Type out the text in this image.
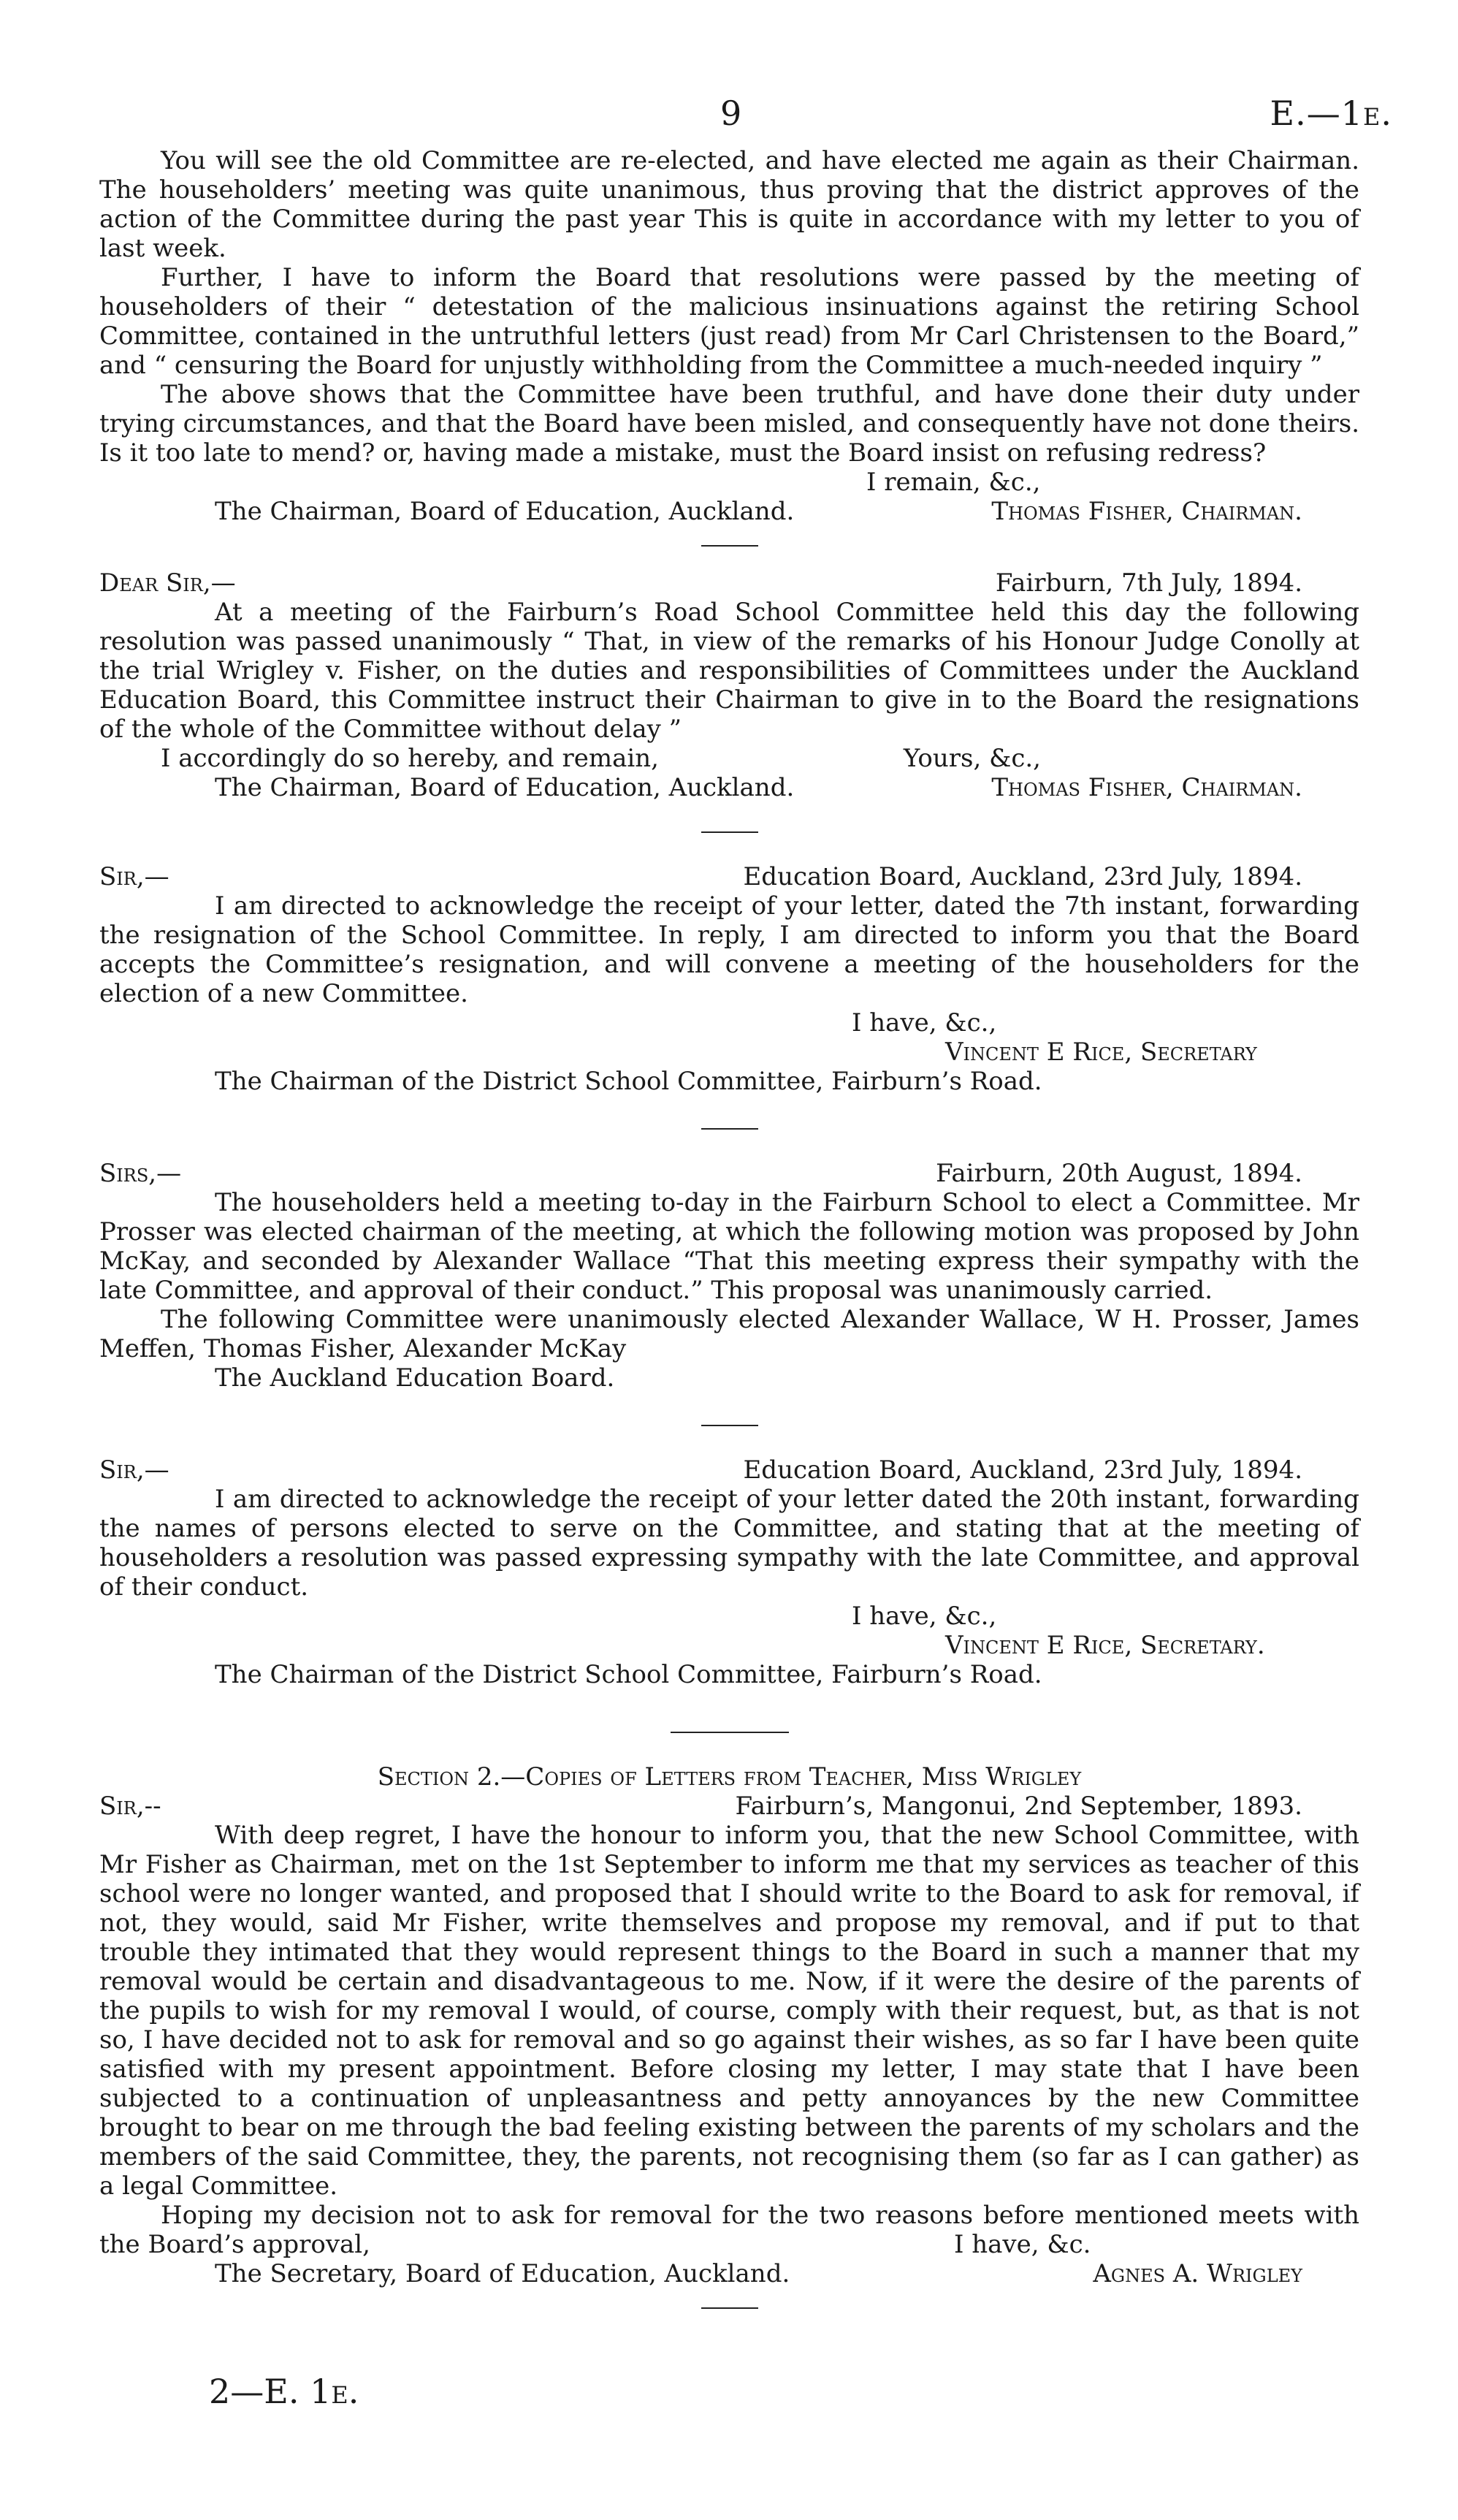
9	E.—1e.

You will see the old Committee are re-elected, and have elected me again as their Chairman. The householders’ meeting was quite unanimous, thus proving that the district approves of the action of the Committee during the past year This is quite in accordance with my letter to you of last week.

Further, I have to inform the Board that resolutions were passed by the meeting of householders of their “ detestation of the malicious insinuations against the retiring School Committee, contained in the untruthful letters (just read) from Mr Carl Christensen to the Board,” and “ censuring the Board for unjustly withholding from the Committee a much-needed inquiry ”

The above shows that the Committee have been truthful, and have done their duty under trying circumstances, and that the Board have been misled, and consequently have not done theirs. Is it too late to mend? or, having made a mistake, must the Board insist on refusing redress?

I remain, &c.,
The Chairman, Board of Education, Auckland.	Thomas Fisher, Chairman.
Dear Sir,—	Fairburn, 7th July, 1894.

At a meeting of the Fairburn’s Road School Committee held this day the following resolution was passed unanimously “ That, in view of the remarks of his Honour Judge Conolly at the trial Wrigley v. Fisher, on the duties and responsibilities of Committees under the Auckland Education Board, this Committee instruct their Chairman to give in to the Board the resignations of the whole of the Committee without delay ”

I accordingly do so hereby, and remain,	Yours, &c.,
The Chairman, Board of Education, Auckland.	Thomas Fisher, Chairman.
Sir,—	Education Board, Auckland, 23rd July, 1894.

I am directed to acknowledge the receipt of your letter, dated the 7th instant, forwarding the resignation of the School Committee. In reply, I am directed to inform you that the Board accepts the Committee’s resignation, and will convene a meeting of the householders for the election of a new Committee.

I have, &c.,
Vincent E Rice, Secretary
The Chairman of the District School Committee, Fairburn’s Road.
Sirs,—	Fairburn, 20th August, 1894.

The householders held a meeting to-day in the Fairburn School to elect a Committee. Mr Prosser was elected chairman of the meeting, at which the following motion was proposed by John McKay, and seconded by Alexander Wallace “That this meeting express their sympathy with the late Committee, and approval of their conduct.” This proposal was unanimously carried.

The following Committee were unanimously elected Alexander Wallace, W H. Prosser, James Meffen, Thomas Fisher, Alexander McKay

The Auckland Education Board.
Sir,—	Education Board, Auckland, 23rd July, 1894.

I am directed to acknowledge the receipt of your letter dated the 20th instant, forwarding the names of persons elected to serve on the Committee, and stating that at the meeting of householders a resolution was passed expressing sympathy with the late Committee, and approval of their conduct.

I have, &c.,
Vincent E Rice, Secretary.
The Chairman of the District School Committee, Fairburn’s Road.
Section 2.—Copies of Letters from Teacher, Miss Wrigley
Sir,--	Fairburn’s, Mangonui, 2nd September, 1893.

With deep regret, I have the honour to inform you, that the new School Committee, with Mr Fisher as Chairman, met on the 1st September to inform me that my services as teacher of this school were no longer wanted, and proposed that I should write to the Board to ask for removal, if not, they would, said Mr Fisher, write themselves and propose my removal, and if put to that trouble they intimated that they would represent things to the Board in such a manner that my removal would be certain and disadvantageous to me. Now, if it were the desire of the parents of the pupils to wish for my removal I would, of course, comply with their request, but, as that is not so, I have decided not to ask for removal and so go against their wishes, as so far I have been quite satisfied with my present appointment. Before closing my letter, I may state that I have been subjected to a continuation of unpleasantness and petty annoyances by the new Committee brought to bear on me through the bad feeling existing between the parents of my scholars and the members of the said Committee, they, the parents, not recognising them (so far as I can gather) as a legal Committee.

Hoping my decision not to ask for removal for the two reasons before mentioned meets with the Board’s approval,	I have, &c.
The Secretary, Board of Education, Auckland.	Agnes A. Wrigley
2—E. 1e.
